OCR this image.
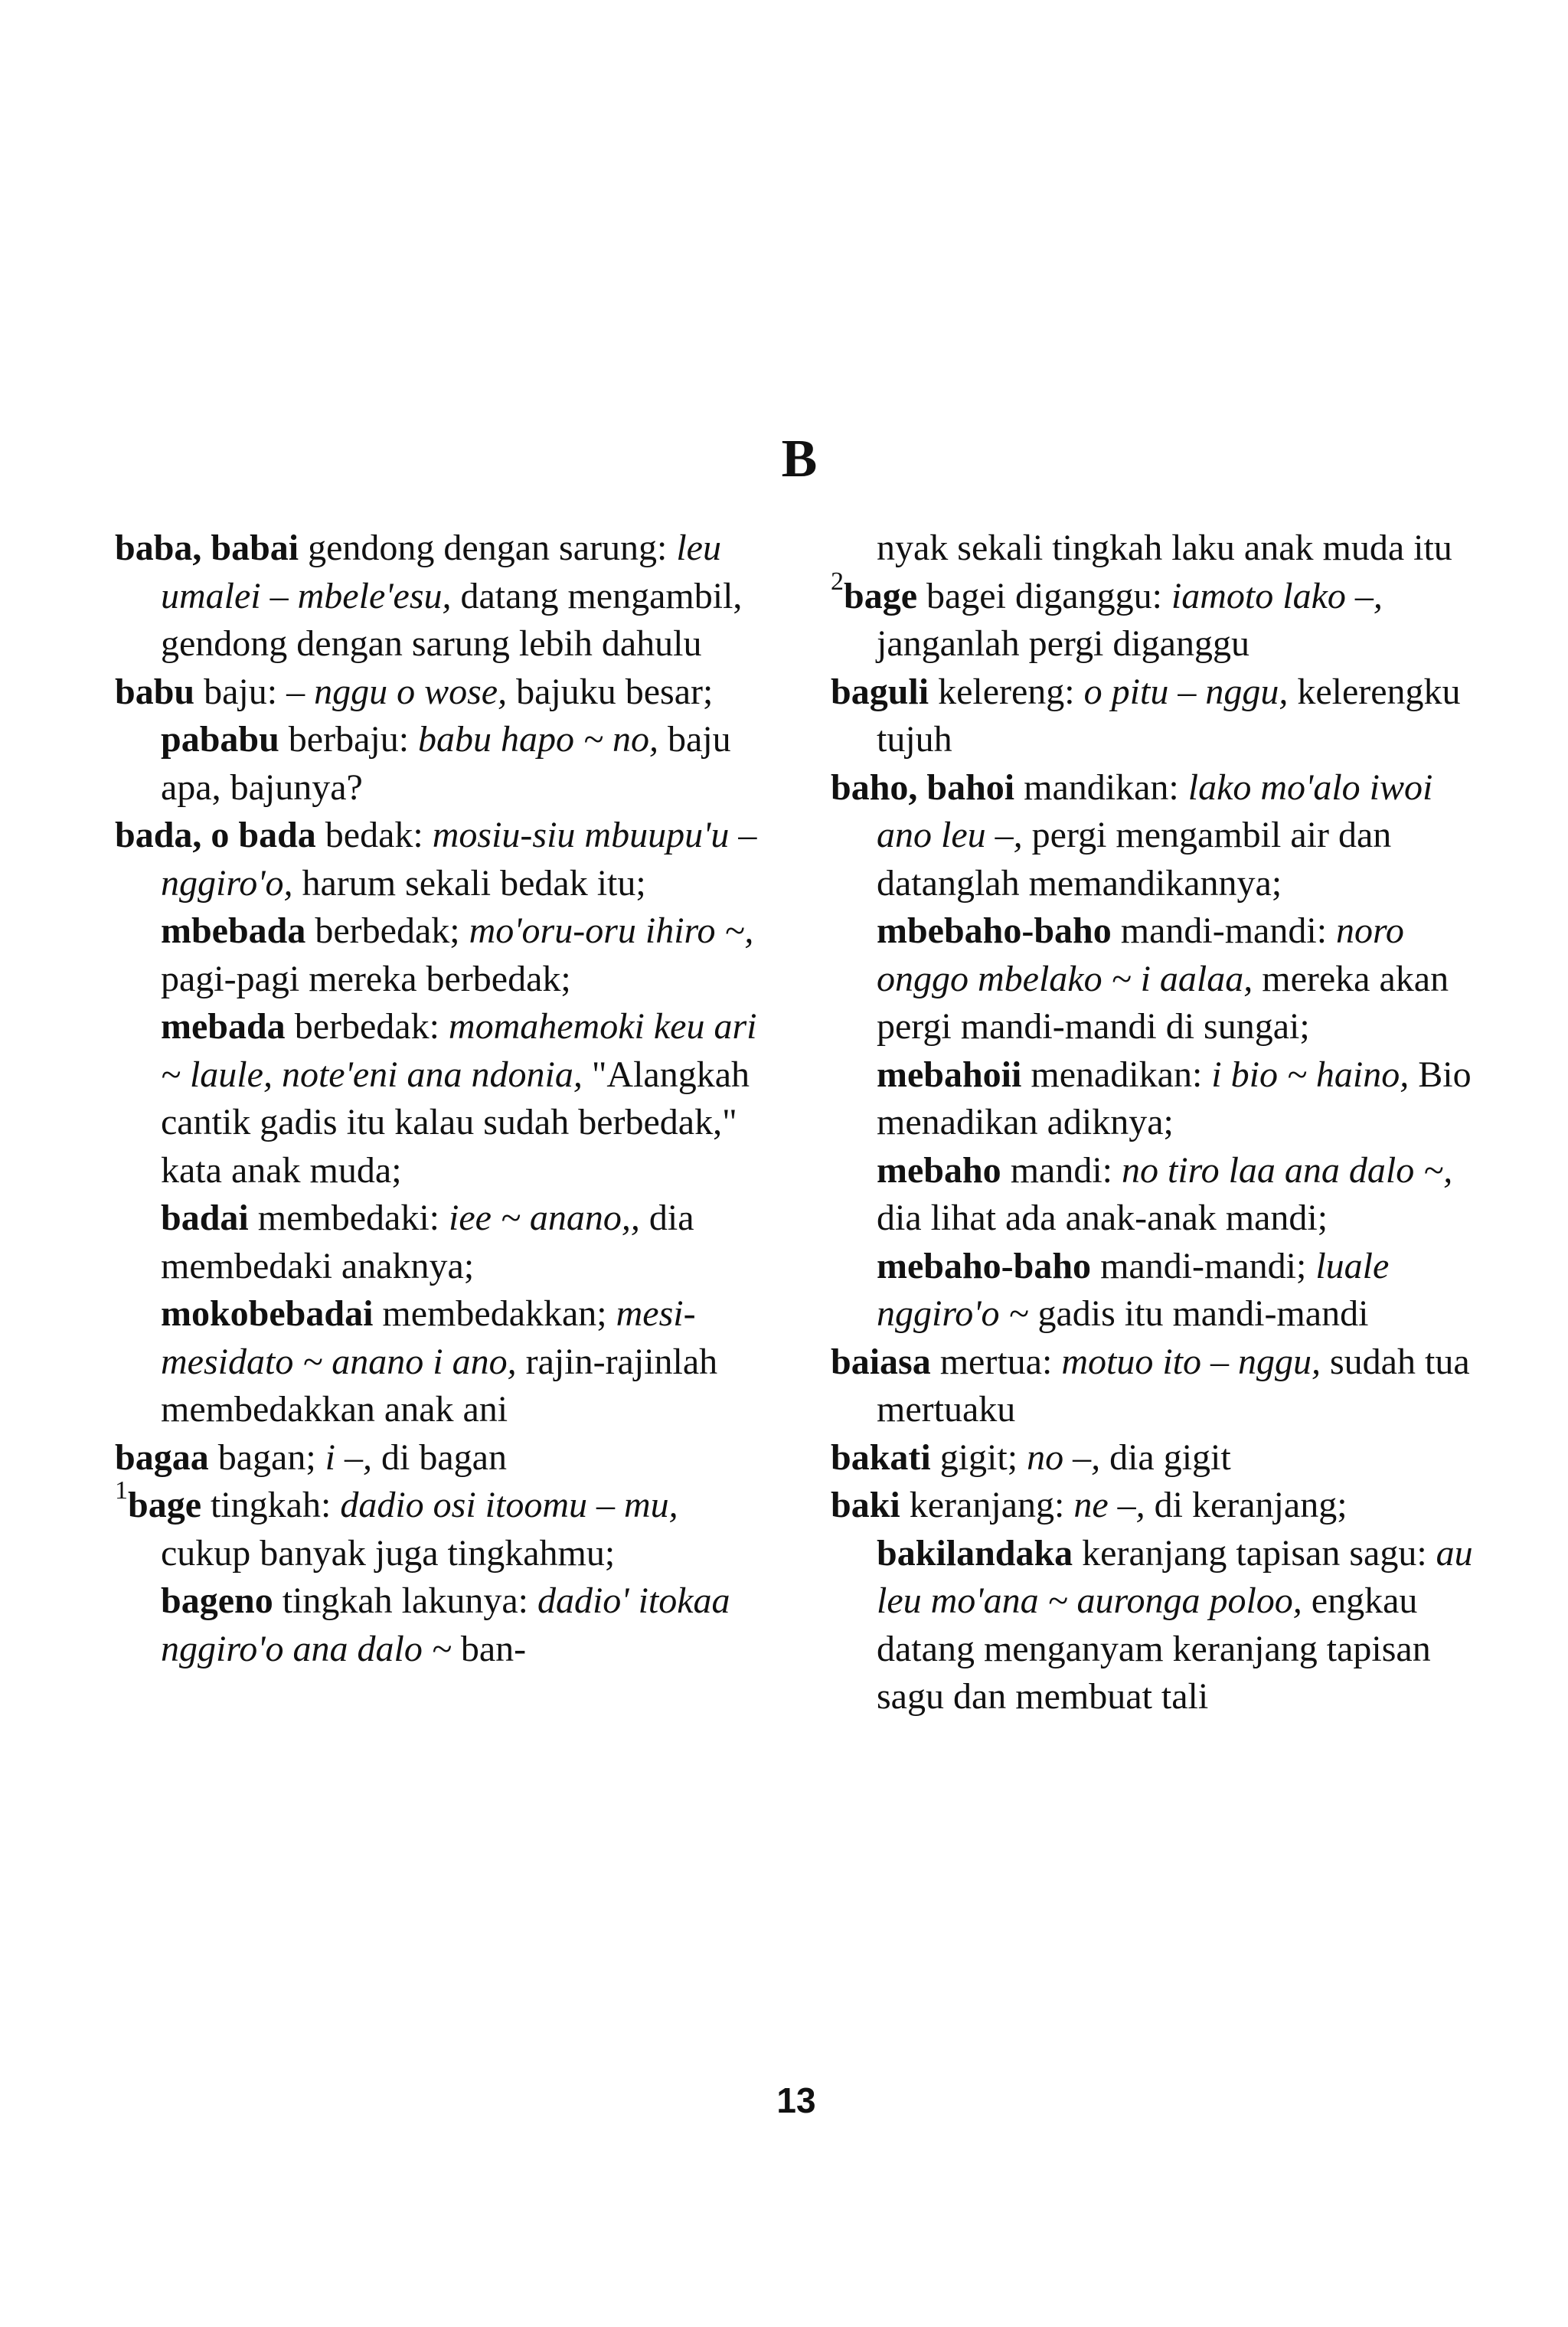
B

baba, babai gendong dengan sarung: leu umalei – mbele'esu, datang mengambil, gendong dengan sarung lebih dahulu

babu baju: – nggu o wose, bajuku besar;

pababu berbaju: babu hapo ~ no, baju apa, bajunya?

bada, o bada bedak: mosiu-siu mbuupu'u – nggiro'o, harum sekali bedak itu;

mbebada berbedak; mo'oru-oru ihiro ~, pagi-pagi mereka berbedak;

mebada berbedak: momahemoki keu ari ~ laule, note'eni ana ndonia, "Alangkah cantik gadis itu kalau sudah berbedak," kata anak muda;

badai membedaki: iee ~ anano,, dia membedaki anaknya;

mokobebadai membedakkan; mesi-mesidato ~ anano i ano, rajin-rajinlah membedakkan anak ani

bagaa bagan; i –, di bagan

$^1$bage tingkah: dadio osi itoomu – mu, cukup banyak juga tingkahmu;

bageno tingkah lakunya: dadio' itokaa nggiro'o ana dalo ~ ban-

nyak sekali tingkah laku anak muda itu

$^2$bage bagei diganggu: iamoto lako –, janganlah pergi diganggu

baguli kelereng: o pitu – nggu, kelerengku tujuh

baho, bahoi mandikan: lako mo'alo iwoi ano leu –, pergi mengambil air dan datanglah memandikannya;

mbebaho-baho mandi-mandi: noro onggo mbelako ~ i aalaa, mereka akan pergi mandi-mandi di sungai;

mebahoii menadikan: i bio ~ haino, Bio menadikan adiknya;

mebaho mandi: no tiro laa ana dalo ~, dia lihat ada anak-anak mandi;

mebaho-baho mandi-mandi; luale nggiro'o ~ gadis itu mandi-mandi

baiasa mertua: motuo ito – nggu, sudah tua mertuaku

bakati gigit; no –, dia gigit

baki keranjang: ne –, di keranjang;

bakilandaka keranjang tapisan sagu: au leu mo'ana ~ auronga poloo, engkau datang menganyam keranjang tapisan sagu dan membuat tali

13
